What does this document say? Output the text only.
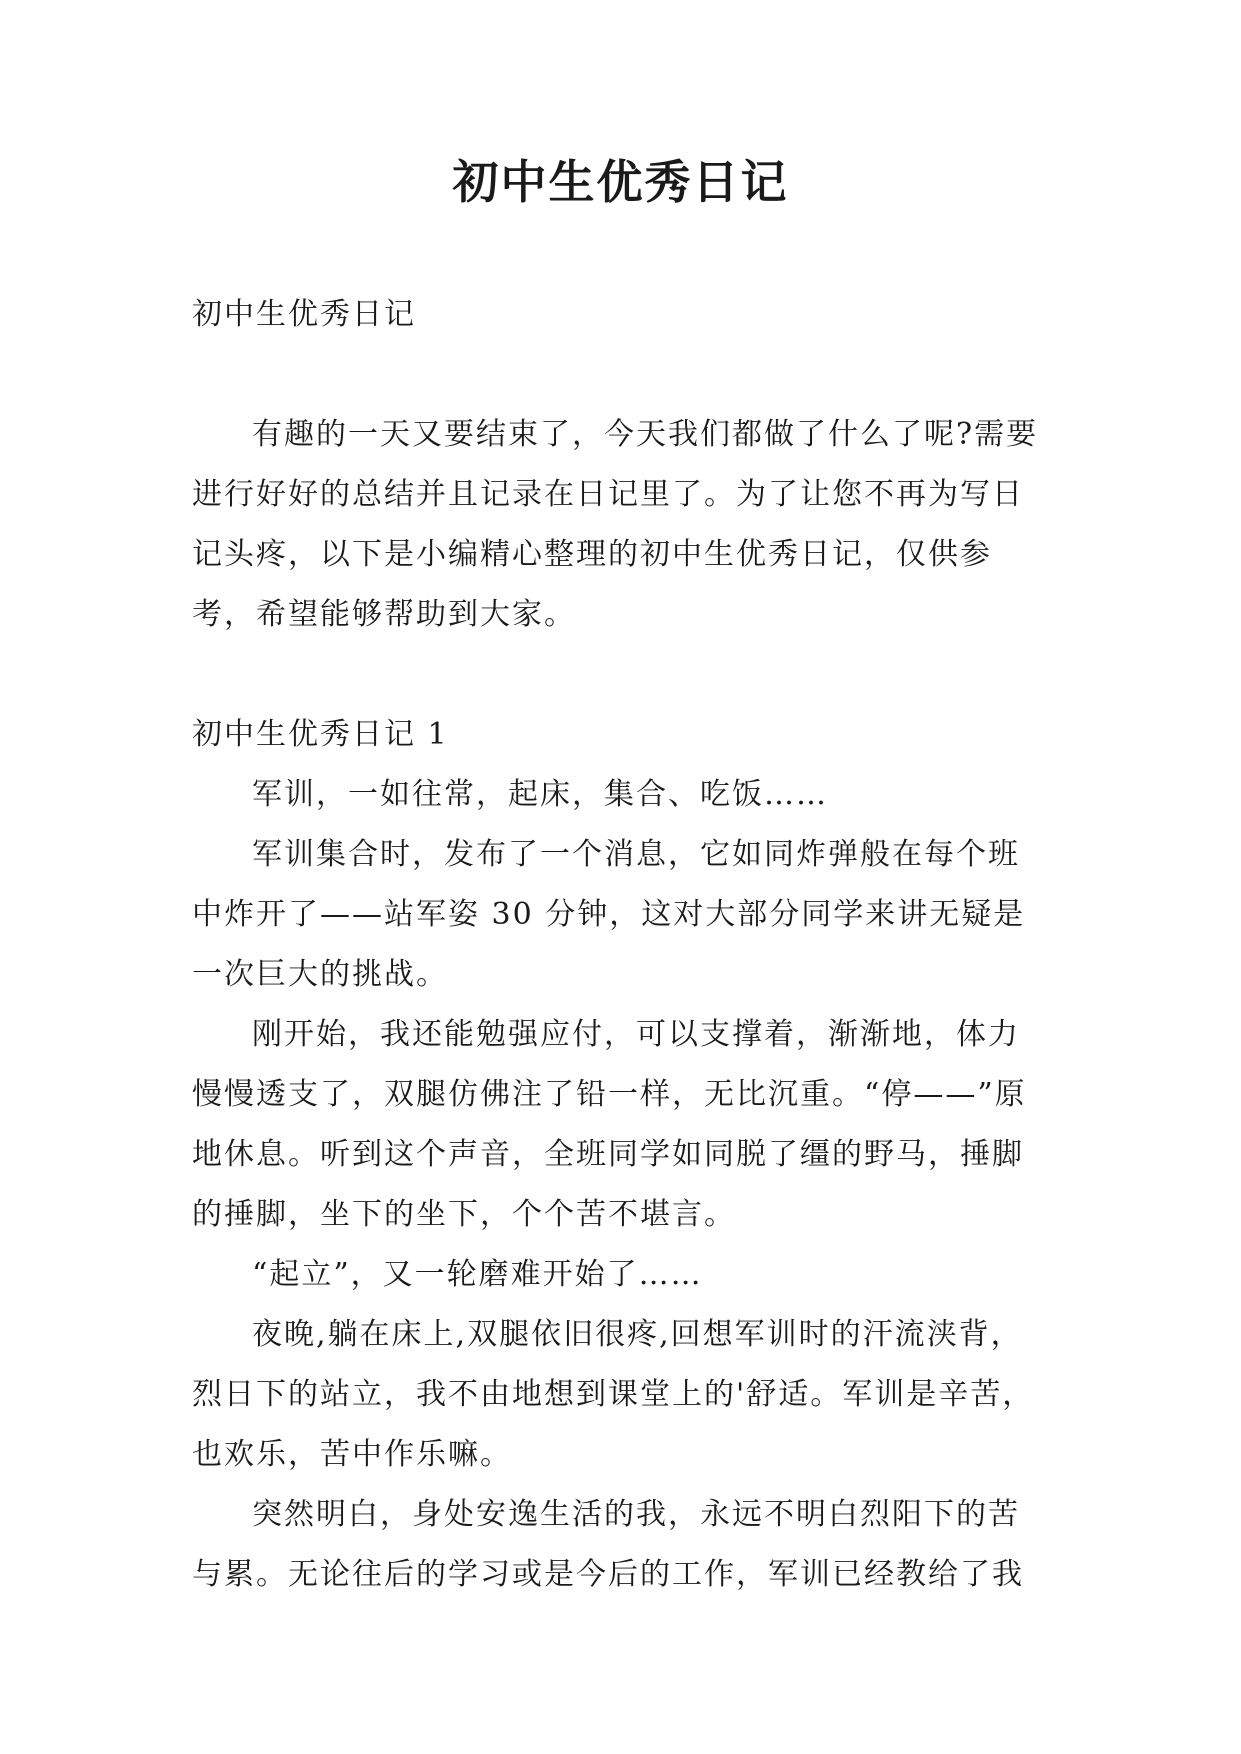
初中生优秀日记

初中生优秀日记

有趣的一天又要结束了，今天我们都做了什么了呢?需要进行好好的总结并且记录在日记里了。为了让您不再为写日记头疼，以下是小编精心整理的初中生优秀日记，仅供参考，希望能够帮助到大家。

初中生优秀日记 1

军训，一如往常，起床，集合、吃饭……

军训集合时，发布了一个消息，它如同炸弹般在每个班中炸开了——站军姿 30 分钟，这对大部分同学来讲无疑是一次巨大的挑战。

刚开始，我还能勉强应付，可以支撑着，渐渐地，体力慢慢透支了，双腿仿佛注了铅一样，无比沉重。“停——”原地休息。听到这个声音，全班同学如同脱了缰的野马，捶脚的捶脚，坐下的坐下，个个苦不堪言。

“起立”，又一轮磨难开始了……

夜晚,躺在床上,双腿依旧很疼,回想军训时的汗流浃背，烈日下的站立，我不由地想到课堂上的'舒适。军训是辛苦，也欢乐，苦中作乐嘛。

突然明白，身处安逸生活的我，永远不明白烈阳下的苦与累。无论往后的学习或是今后的工作，军训已经教给了我
